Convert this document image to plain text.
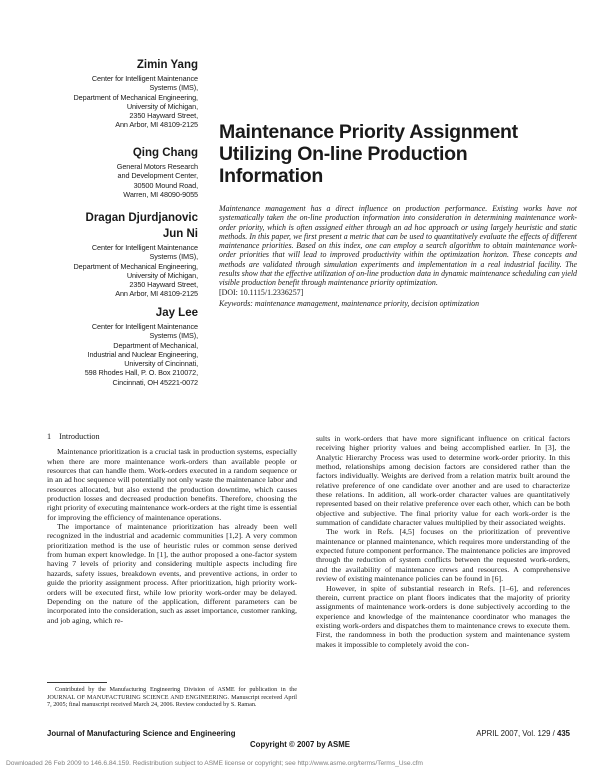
Zimin Yang
Center for Intelligent Maintenance
Systems (IMS),
Department of Mechanical Engineering,
University of Michigan,
2350 Hayward Street,
Ann Arbor, MI 48109-2125
Qing Chang
General Motors Research
and Development Center,
30500 Mound Road,
Warren, MI 48090-9055
Dragan Djurdjanovic
Jun Ni
Center for Intelligent Maintenance
Systems (IMS),
Department of Mechanical Engineering,
University of Michigan,
2350 Hayward Street,
Ann Arbor, MI 48109-2125
Jay Lee
Center for Intelligent Maintenance
Systems (IMS),
Department of Mechanical,
Industrial and Nuclear Engineering,
University of Cincinnati,
598 Rhodes Hall, P. O. Box 210072,
Cincinnati, OH 45221-0072
Maintenance Priority Assignment
Utilizing On-line Production
Information
Maintenance management has a direct influence on production performance. Existing works have not systematically taken the on-line production information into consideration in determining maintenance work-order priority, which is often assigned either through an ad hoc approach or using largely heuristic and static methods. In this paper, we first present a metric that can be used to quantitatively evaluate the effects of different maintenance priorities. Based on this index, one can employ a search algorithm to obtain maintenance work-order priorities that will lead to improved productivity within the optimization horizon. These concepts and methods are validated through simulation experiments and implementation in a real industrial facility. The results show that the effective utilization of on-line production data in dynamic maintenance scheduling can yield visible production benefit through maintenance priority optimization.
[DOI: 10.1115/1.2336257]
Keywords: maintenance management, maintenance priority, decision optimization
1 Introduction

Maintenance prioritization is a crucial task in production systems, especially when there are more maintenance work-orders than available people or resources that can handle them. Work-orders executed in a random sequence or in an ad hoc sequence will potentially not only waste the maintenance labor and resources allocated, but also extend the production downtime, which causes production losses and decreased production benefits. Therefore, choosing the right priority of executing maintenance work-orders at the right time is essential for improving the efficiency of maintenance operations.

The importance of maintenance prioritization has already been well recognized in the industrial and academic communities [1,2]. A very common prioritization method is the use of heuristic rules or common sense derived from human expert knowledge. In [1], the author proposed a one-factor system having 7 levels of priority and considering multiple aspects including fire hazards, safety issues, breakdown events, and preventive actions, in order to guide the priority assignment process. After prioritization, high priority work-orders will be executed first, while low priority work-order may be delayed. Depending on the nature of the application, different parameters can be incorporated into the consideration, such as asset importance, customer ranking, and job aging, which re-

sults in work-orders that have more significant influence on critical factors receiving higher priority values and being accomplished earlier. In [3], the Analytic Hierarchy Process was used to determine work-order priority. In this method, relationships among decision factors are considered rather than the factors individually. Weights are derived from a relation matrix built around the relative preference of one candidate over another and are used to characterize these relations. In addition, all work-order character values are quantitatively represented based on their relative preference over each other, which can be both objective and subjective. The final priority value for each work-order is the summation of candidate character values multiplied by their associated weights.

The work in Refs. [4,5] focuses on the prioritization of preventive maintenance or planned maintenance, which requires more understanding of the expected future component performance. The maintenance policies are improved through the reduction of system conflicts between the requested work-orders, and the availability of maintenance crews and resources. A comprehensive review of existing maintenance policies can be found in [6].

However, in spite of substantial research in Refs. [1–6], and references therein, current practice on plant floors indicates that the majority of priority assignments of maintenance work-orders is done subjectively according to the experience and knowledge of the maintenance coordinator who manages the existing work-orders and dispatches them to maintenance crews to execute them. First, the randomness in both the production system and maintenance system makes it impossible to completely avoid the con-

Contributed by the Manufacturing Engineering Division of ASME for publication in the JOURNAL OF MANUFACTURING SCIENCE AND ENGINEERING. Manuscript received April 7, 2005; final manuscript received March 24, 2006. Review conducted by S. Raman.
Journal of Manufacturing Science and Engineering	APRIL 2007, Vol. 129 / 435
Copyright © 2007 by ASME
Downloaded 26 Feb 2009 to 146.6.84.159. Redistribution subject to ASME license or copyright; see http://www.asme.org/terms/Terms_Use.cfm
